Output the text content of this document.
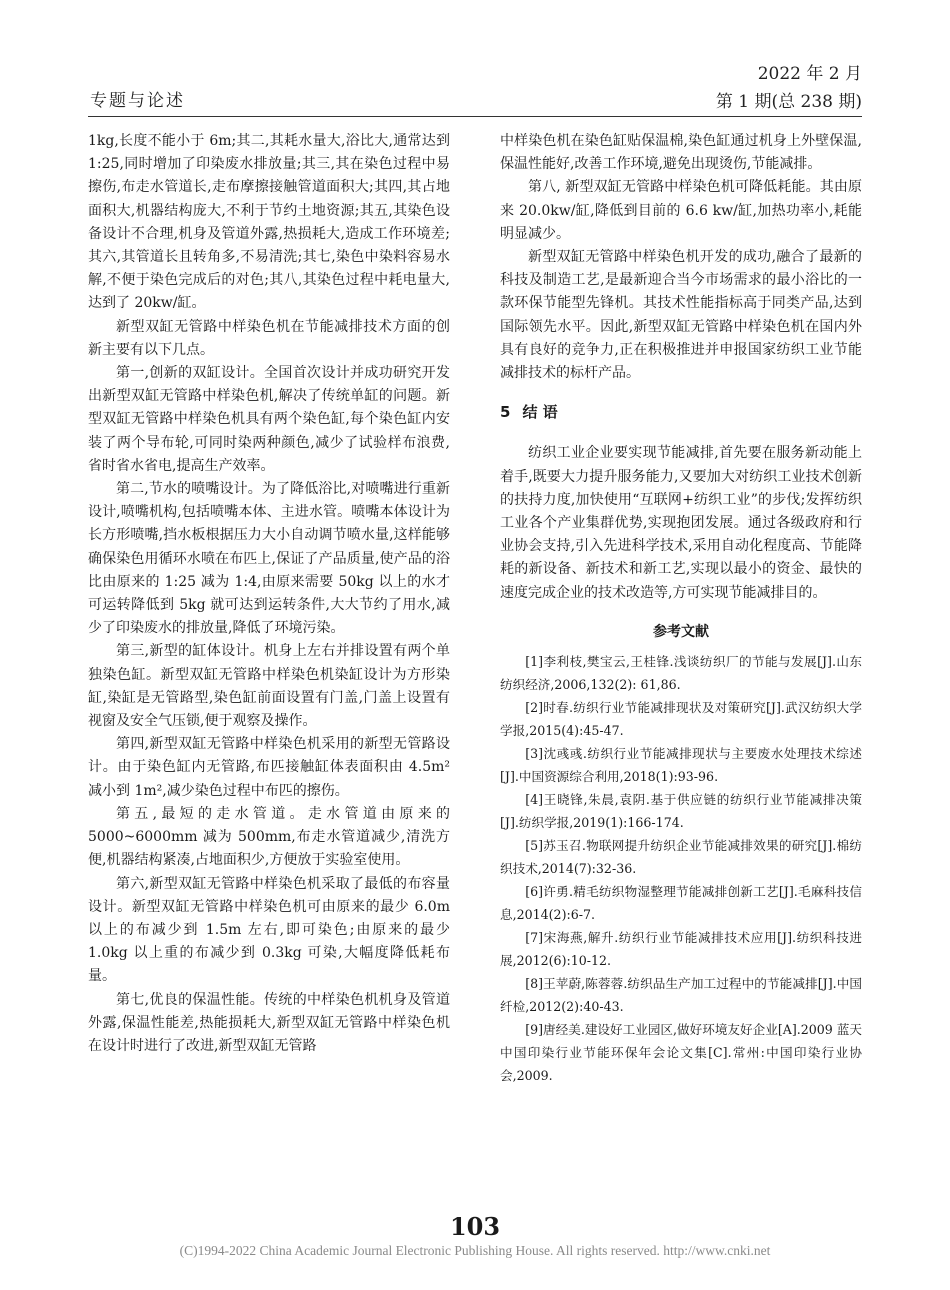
专题与论述
2022 年 2 月
第 1 期(总 238 期)

1kg,长度不能小于 6m;其二,其耗水量大,浴比大,通常达到 1:25,同时增加了印染废水排放量;其三,其在染色过程中易擦伤,布走水管道长,走布摩擦接触管道面积大;其四,其占地面积大,机器结构庞大,不利于节约土地资源;其五,其染色设备设计不合理,机身及管道外露,热损耗大,造成工作环境差;其六,其管道长且转角多,不易清洗;其七,染色中染料容易水解,不便于染色完成后的对色;其八,其染色过程中耗电量大,达到了 20kw/缸。

新型双缸无管路中样染色机在节能减排技术方面的创新主要有以下几点。

第一,创新的双缸设计。全国首次设计并成功研究开发出新型双缸无管路中样染色机,解决了传统单缸的问题。新型双缸无管路中样染色机具有两个染色缸,每个染色缸内安装了两个导布轮,可同时染两种颜色,减少了试验样布浪费,省时省水省电,提高生产效率。

第二,节水的喷嘴设计。为了降低浴比,对喷嘴进行重新设计,喷嘴机构,包括喷嘴本体、主进水管。喷嘴本体设计为长方形喷嘴,挡水板根据压力大小自动调节喷水量,这样能够确保染色用循环水喷在布匹上,保证了产品质量,使产品的浴比由原来的 1:25 减为 1:4,由原来需要 50kg 以上的水才可运转降低到 5kg 就可达到运转条件,大大节约了用水,减少了印染废水的排放量,降低了环境污染。

第三,新型的缸体设计。机身上左右并排设置有两个单独染色缸。新型双缸无管路中样染色机染缸设计为方形染缸,染缸是无管路型,染色缸前面设置有门盖,门盖上设置有视窗及安全气压锁,便于观察及操作。

第四,新型双缸无管路中样染色机采用的新型无管路设计。由于染色缸内无管路,布匹接触缸体表面积由 4.5m² 减小到 1m²,减少染色过程中布匹的擦伤。

第五,最短的走水管道。走水管道由原来的 5000~6000mm 减为 500mm,布走水管道减少,清洗方便,机器结构紧凑,占地面积少,方便放于实验室使用。

第六,新型双缸无管路中样染色机采取了最低的布容量设计。新型双缸无管路中样染色机可由原来的最少 6.0m 以上的布减少到 1.5m 左右,即可染色;由原来的最少 1.0kg 以上重的布减少到 0.3kg 可染,大幅度降低耗布量。

第七,优良的保温性能。传统的中样染色机机身及管道外露,保温性能差,热能损耗大,新型双缸无管路中样染色机在设计时进行了改进,新型双缸无管路

中样染色机在染色缸贴保温棉,染色缸通过机身上外壁保温,保温性能好,改善工作环境,避免出现烫伤,节能减排。

第八, 新型双缸无管路中样染色机可降低耗能。其由原来 20.0kw/缸,降低到目前的 6.6 kw/缸,加热功率小,耗能明显减少。

新型双缸无管路中样染色机开发的成功,融合了最新的科技及制造工艺,是最新迎合当今市场需求的最小浴比的一款环保节能型先锋机。其技术性能指标高于同类产品,达到国际领先水平。因此,新型双缸无管路中样染色机在国内外具有良好的竞争力,正在积极推进并申报国家纺织工业节能减排技术的标杆产品。

5 结 语

纺织工业企业要实现节能减排,首先要在服务新动能上着手,既要大力提升服务能力,又要加大对纺织工业技术创新的扶持力度,加快使用“互联网+纺织工业”的步伐;发挥纺织工业各个产业集群优势,实现抱团发展。通过各级政府和行业协会支持,引入先进科学技术,采用自动化程度高、节能降耗的新设备、新技术和新工艺,实现以最小的资金、最快的速度完成企业的技术改造等,方可实现节能减排目的。

参考文献

[1]李利枝,樊宝云,王桂锋.浅谈纺织厂的节能与发展[J].山东纺织经济,2006,132(2): 61,86.

[2]时春.纺织行业节能减排现状及对策研究[J].武汉纺织大学学报,2015(4):45-47.

[3]沈彧彧.纺织行业节能减排现状与主要废水处理技术综述[J].中国资源综合利用,2018(1):93-96.

[4]王晓锋,朱晨,袁阴.基于供应链的纺织行业节能减排决策[J].纺织学报,2019(1):166-174.

[5]苏玉召.物联网提升纺织企业节能减排效果的研究[J].棉纺织技术,2014(7):32-36.

[6]许勇.精毛纺织物湿整理节能减排创新工艺[J].毛麻科技信息,2014(2):6-7.

[7]宋海燕,解升.纺织行业节能减排技术应用[J].纺织科技进展,2012(6):10-12.

[8]王苹蔚,陈蓉蓉.纺织品生产加工过程中的节能减排[J].中国纤检,2012(2):40-43.

[9]唐经美.建设好工业园区,做好环境友好企业[A].2009 蓝天中国印染行业节能环保年会论文集[C].常州:中国印染行业协会,2009.

103
(C)1994-2022 China Academic Journal Electronic Publishing House. All rights reserved. http://www.cnki.net
